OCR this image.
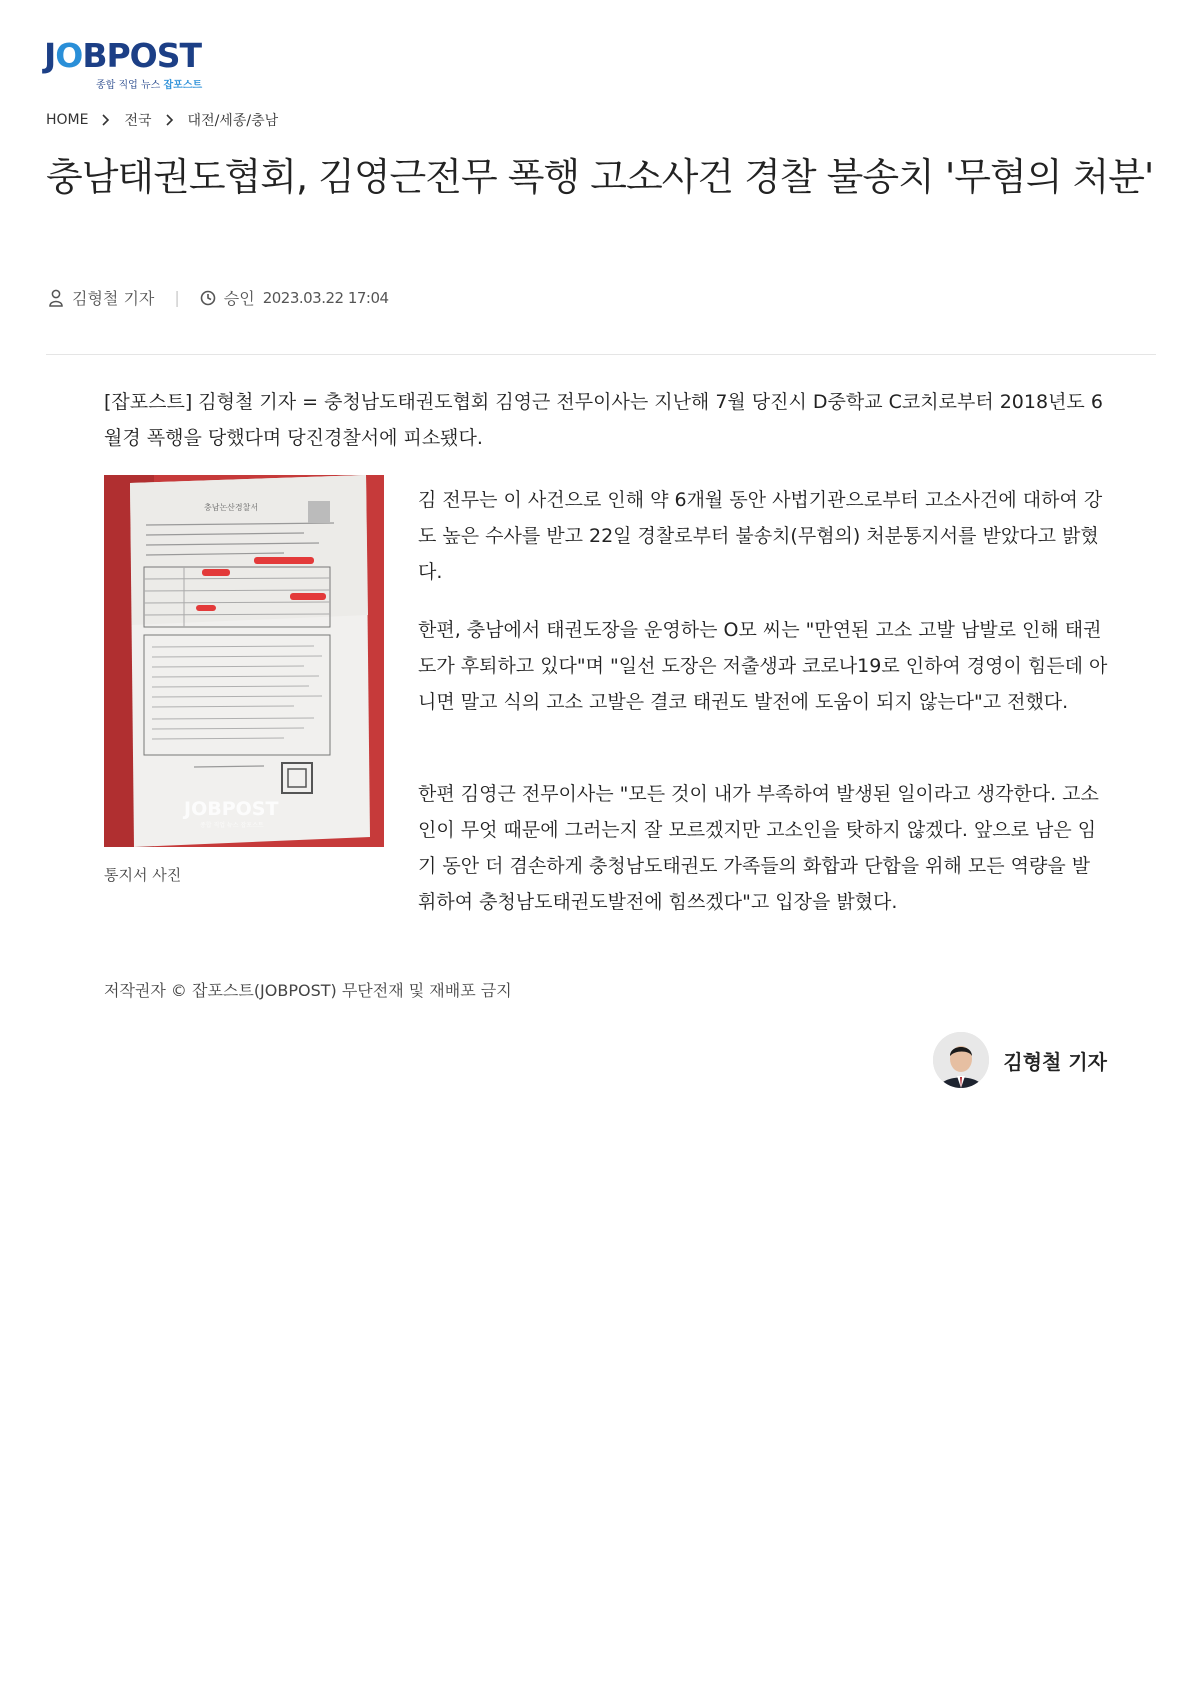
JOBPOST
종합 직업 뉴스 잡포스트
HOME	전국	대전/세종/충남
충남태권도협회, 김영근전무 폭행 고소사건 경찰 불송치 '무혐의 처분'
김형철 기자 |	승인 2023.03.22 17:04

[잡포스트] 김형철 기자 = 충청남도태권도협회 김영근 전무이사는 지난해 7월 당진시 D중학교 C코치로부터 2018년도 6월경 폭행을 당했다며 당진경찰서에 피소됐다.

충남논산경찰서
JOBPOST
종합 직업 뉴스 잡포스트
통지서 사진

김 전무는 이 사건으로 인해 약 6개월 동안 사법기관으로부터 고소사건에 대하여 강도 높은 수사를 받고 22일 경찰로부터 불송치(무혐의) 처분통지서를 받았다고 밝혔다.

한편, 충남에서 태권도장을 운영하는 O모 씨는 "만연된 고소 고발 남발로 인해 태권도가 후퇴하고 있다"며 "일선 도장은 저출생과 코로나19로 인하여 경영이 힘든데 아니면 말고 식의 고소 고발은 결코 태권도 발전에 도움이 되지 않는다"고 전했다.

한편 김영근 전무이사는 "모든 것이 내가 부족하여 발생된 일이라고 생각한다. 고소인이 무엇 때문에 그러는지 잘 모르겠지만 고소인을 탓하지 않겠다. 앞으로 남은 임기 동안 더 겸손하게 충청남도태권도 가족들의 화합과 단합을 위해 모든 역량을 발휘하여 충청남도태권도발전에 힘쓰겠다"고 입장을 밝혔다.

저작권자 © 잡포스트(JOBPOST) 무단전재 및 재배포 금지
김형철 기자
